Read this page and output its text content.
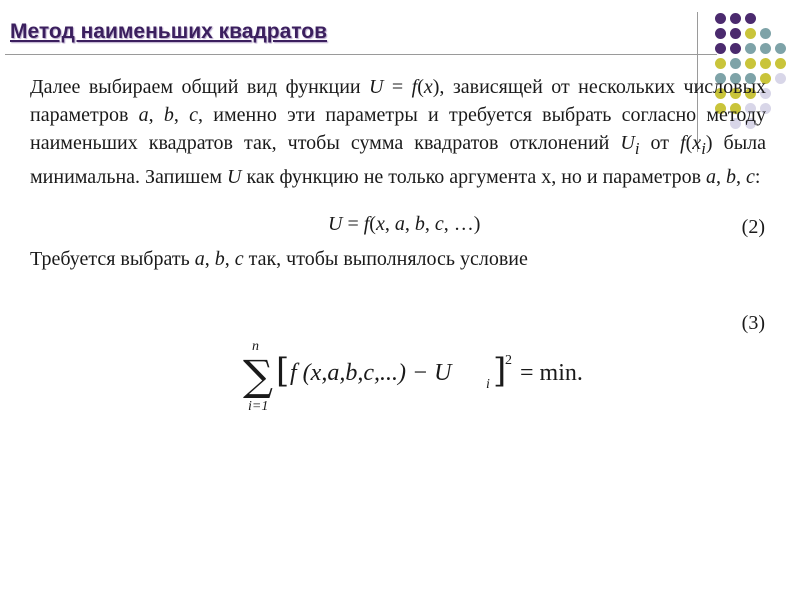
Метод наименьших квадратов
Далее выбираем общий вид функции U = f(x), зависящей от нескольких числовых параметров a, b, c, именно эти параметры и требуется выбрать согласно методу наименьших квадратов так, чтобы сумма квадратов отклонений $U_i$ от $f(x_i)$ была минимальна. Запишем U как функцию не только аргумента x, но и параметров a, b, c:
U = f(x, a, b, c, …)	(2)
Требуется выбрать a, b, c так, чтобы выполнялось условие
(3)
n
∑
i=1
[ f (x,a,b,c,...) − U i ]
2 = min.
